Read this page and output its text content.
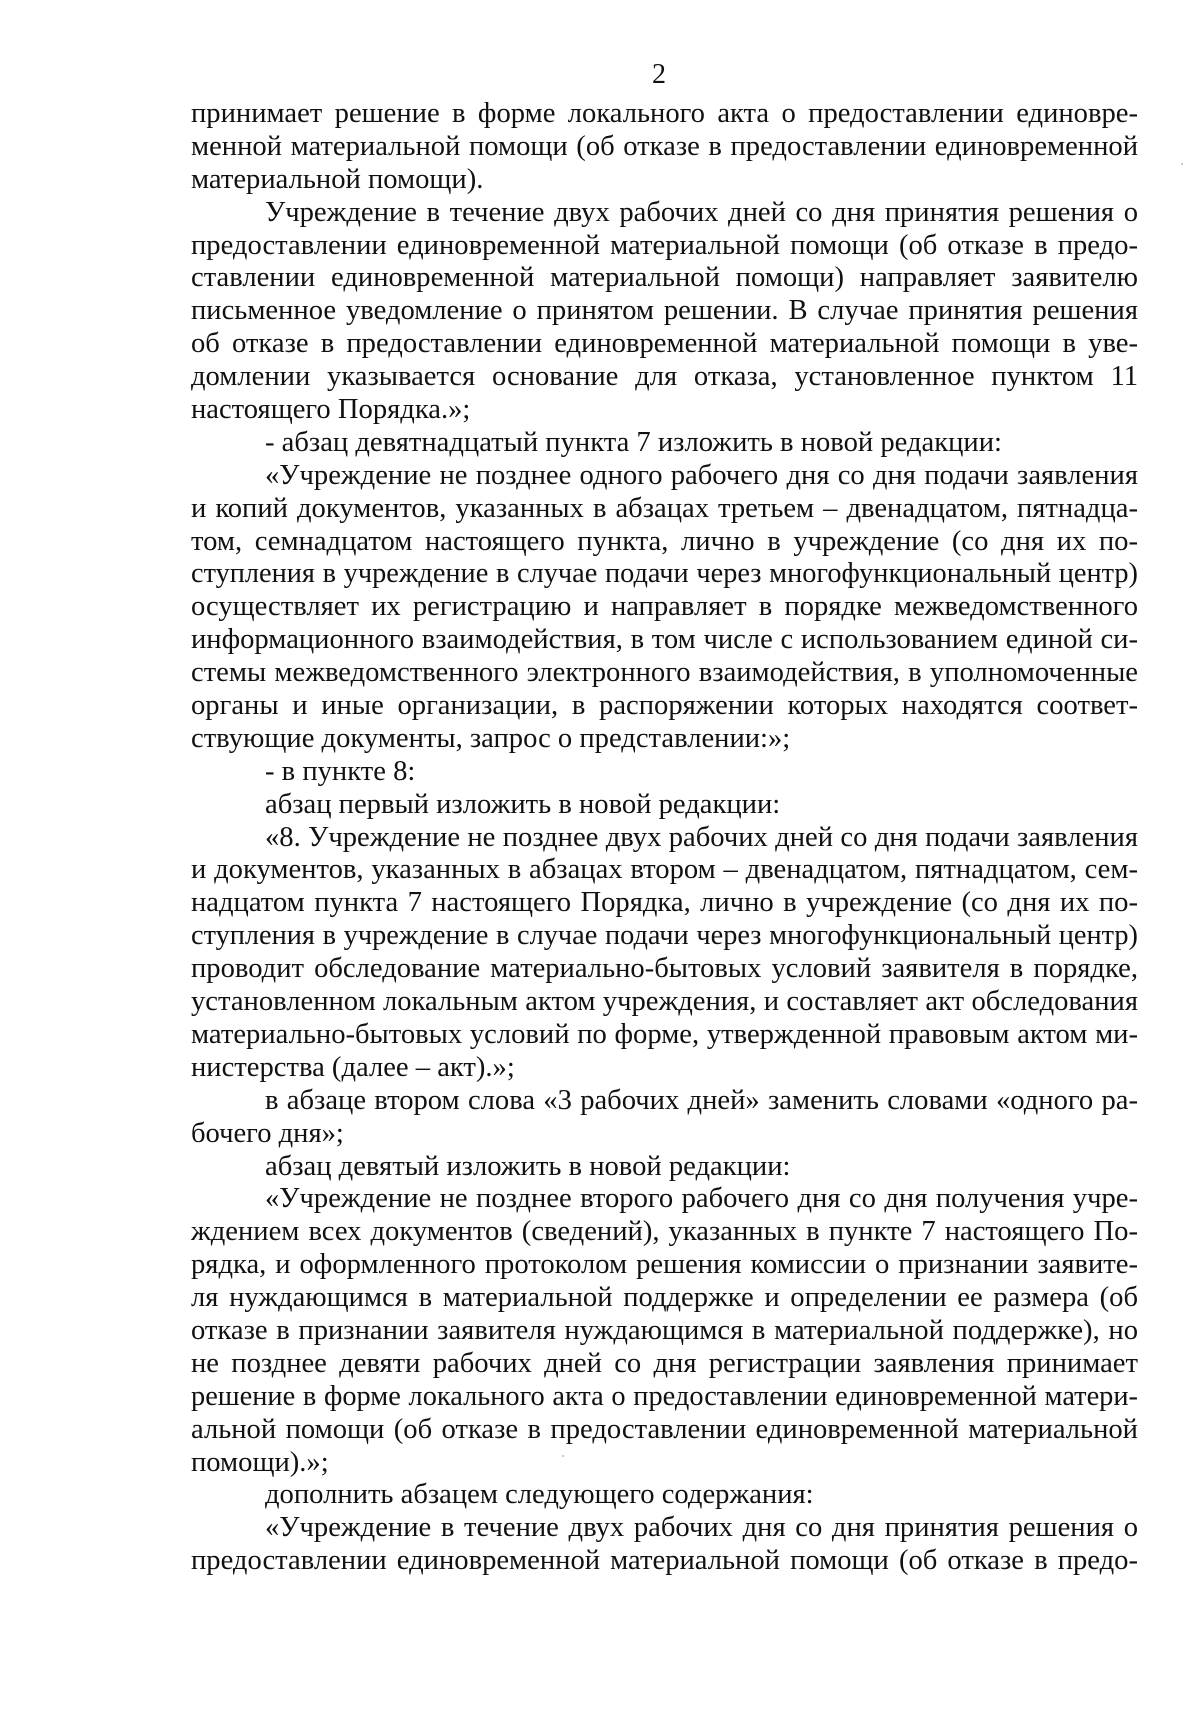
2
принимает решение в форме локального акта о предоставлении единовре-
менной материальной помощи (об отказе в предоставлении единовременной
материальной помощи).
Учреждение в течение двух рабочих дней со дня принятия решения о
предоставлении единовременной материальной помощи (об отказе в предо-
ставлении единовременной материальной помощи) направляет заявителю
письменное уведомление о принятом решении. В случае принятия решения
об отказе в предоставлении единовременной материальной помощи в уве-
домлении указывается основание для отказа, установленное пунктом 11
настоящего Порядка.»;
- абзац девятнадцатый пункта 7 изложить в новой редакции:
«Учреждение не позднее одного рабочего дня со дня подачи заявления
и копий документов, указанных в абзацах третьем – двенадцатом, пятнадца-
том, семнадцатом настоящего пункта, лично в учреждение (со дня их по-
ступления в учреждение в случае подачи через многофункциональный центр)
осуществляет их регистрацию и направляет в порядке межведомственного
информационного взаимодействия, в том числе с использованием единой си-
стемы межведомственного электронного взаимодействия, в уполномоченные
органы и иные организации, в распоряжении которых находятся соответ-
ствующие документы, запрос о представлении:»;
- в пункте 8:
абзац первый изложить в новой редакции:
«8. Учреждение не позднее двух рабочих дней со дня подачи заявления
и документов, указанных в абзацах втором – двенадцатом, пятнадцатом, сем-
надцатом пункта 7 настоящего Порядка, лично в учреждение (со дня их по-
ступления в учреждение в случае подачи через многофункциональный центр)
проводит обследование материально-бытовых условий заявителя в порядке,
установленном локальным актом учреждения, и составляет акт обследования
материально-бытовых условий по форме, утвержденной правовым актом ми-
нистерства (далее – акт).»;
в абзаце втором слова «3 рабочих дней» заменить словами «одного ра-
бочего дня»;
абзац девятый изложить в новой редакции:
«Учреждение не позднее второго рабочего дня со дня получения учре-
ждением всех документов (сведений), указанных в пункте 7 настоящего По-
рядка, и оформленного протоколом решения комиссии о признании заявите-
ля нуждающимся в материальной поддержке и определении ее размера (об
отказе в признании заявителя нуждающимся в материальной поддержке), но
не позднее девяти рабочих дней со дня регистрации заявления принимает
решение в форме локального акта о предоставлении единовременной матери-
альной помощи (об отказе в предоставлении единовременной материальной
помощи).»;
дополнить абзацем следующего содержания:
«Учреждение в течение двух рабочих дня со дня принятия решения о
предоставлении единовременной материальной помощи (об отказе в предо-
